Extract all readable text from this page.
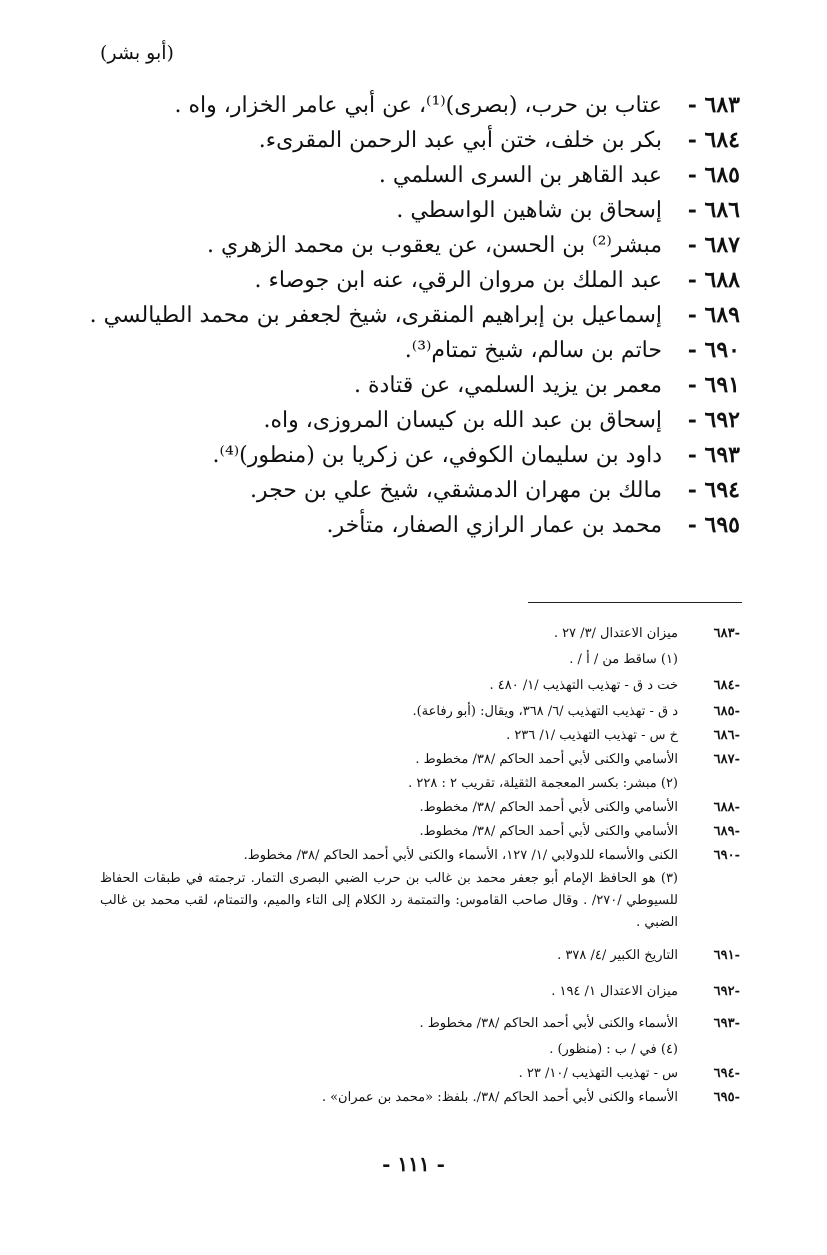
(أبو بشر)
٦٨٣ -
عتاب بن حرب، (بصرى)⁽¹⁾، عن أبي عامر الخزار، واه .
٦٨٤ -
بكر بن خلف، ختن أبي عبد الرحمن المقرىء.
٦٨٥ -
عبد القاهر بن السرى السلمي .
٦٨٦ -
إسحاق بن شاهين الواسطي .
٦٨٧ -
مبشر⁽²⁾ بن الحسن، عن يعقوب بن محمد الزهري .
٦٨٨ -
عبد الملك بن مروان الرقي، عنه ابن جوصاء .
٦٨٩ -
إسماعيل بن إبراهيم المنقرى، شيخ لجعفر بن محمد الطيالسي .
٦٩٠ -
حاتم بن سالم، شيخ تمتام⁽³⁾.
٦٩١ -
معمر بن يزيد السلمي، عن قتادة .
٦٩٢ -
إسحاق بن عبد الله بن كيسان المروزى، واه.
٦٩٣ -
داود بن سليمان الكوفي، عن زكريا بن (منطور)⁽⁴⁾.
٦٩٤ -
مالك بن مهران الدمشقي، شيخ علي بن حجر.
٦٩٥ -
محمد بن عمار الرازي الصفار، متأخر.
-٦٨٣
ميزان الاعتدال /٣/ ٢٧ .
(١) ساقط من / أ / .
-٦٨٤
خت د ق - تهذيب التهذيب /١/ ٤٨٠ .
-٦٨٥
د ق - تهذيب التهذيب /٦/ ٣٦٨، ويقال: (أبو رفاعة).
-٦٨٦
خ س - تهذيب التهذيب /١/ ٢٣٦ .
-٦٨٧
الأسامي والكنى لأبي أحمد الحاكم /٣٨/ مخطوط .
(٢) مبشر: بكسر المعجمة الثقيلة، تقريب ٢ : ٢٢٨ .
-٦٨٨
الأسامي والكنى لأبي أحمد الحاكم /٣٨/ مخطوط.
-٦٨٩
الأسامي والكنى لأبي أحمد الحاكم /٣٨/ مخطوط.
-٦٩٠
الكنى والأسماء للدولابي /١/ ١٢٧، الأسماء والكنى لأبي أحمد الحاكم /٣٨/ مخطوط.
(٣) هو الحافظ الإمام أبو جعفر محمد بن غالب بن حرب الضبي البصرى التمار. ترجمته في طبقات الحفاظ للسيوطي /٢٧٠/ . وقال صاحب القاموس: والتمتمة رد الكلام إلى التاء والميم، والتمتام، لقب محمد بن غالب الضبي .
-٦٩١
التاريخ الكبير /٤/ ٣٧٨ .
-٦٩٢
ميزان الاعتدال ١/ ١٩٤ .
-٦٩٣
الأسماء والكنى لأبي أحمد الحاكم /٣٨/ مخطوط .
(٤) في / ب : (منظور) .
-٦٩٤
س - تهذيب التهذيب /١٠/ ٢٣ .
-٦٩٥
الأسماء والكنى لأبي أحمد الحاكم /٣٨/. بلفظ: «محمد بن عمران» .
- ١١١ -
